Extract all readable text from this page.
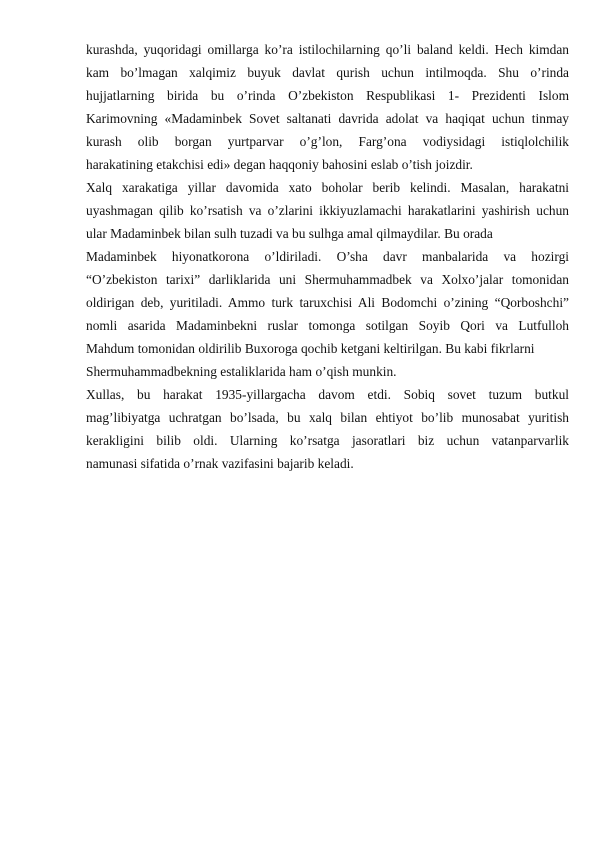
kurashda, yuqoridagi omillarga ko’ra istilochilarning qo’li baland keldi. Hech kimdan
kam bo’lmagan xalqimiz buyuk davlat qurish uchun intilmoqda. Shu o’rinda
hujjatlarning birida bu o’rinda O’zbekiston Respublikasi 1- Prezidenti Islom
Karimovning «Madaminbek Sovet saltanati davrida adolat va haqiqat uchun tinmay
kurash olib borgan yurtparvar o’g’lon, Farg’ona vodiysidagi istiqlolchilik
harakatining etakchisi edi» degan haqqoniy bahosini eslab o’tish joizdir.
Xalq xarakatiga yillar davomida xato boholar berib kelindi. Masalan, harakatni
uyashmagan qilib ko’rsatish va o’zlarini ikkiyuzlamachi harakatlarini yashirish uchun
ular Madaminbek bilan sulh tuzadi va bu sulhga amal qilmaydilar. Bu orada
Madaminbek hiyonatkorona o’ldiriladi. O’sha davr manbalarida va hozirgi
“O’zbekiston tarixi” darliklarida uni Shermuhammadbek va Xolxo’jalar tomonidan
oldirigan deb, yuritiladi. Ammo turk taruxchisi Ali Bodomchi o’zining “Qorboshchi”
nomli asarida Madaminbekni ruslar tomonga sotilgan Soyib Qori va Lutfulloh
Mahdum tomonidan oldirilib Buxoroga qochib ketgani keltirilgan. Bu kabi fikrlarni
Shermuhammadbekning estaliklarida ham o’qish munkin.
Xullas, bu harakat 1935-yillargacha davom etdi. Sobiq sovet tuzum butkul
mag’libiyatga uchratgan bo’lsada, bu xalq bilan ehtiyot bo’lib munosabat yuritish
kerakligini bilib oldi. Ularning ko’rsatga jasoratlari biz uchun vatanparvarlik
namunasi sifatida o’rnak vazifasini bajarib keladi.
